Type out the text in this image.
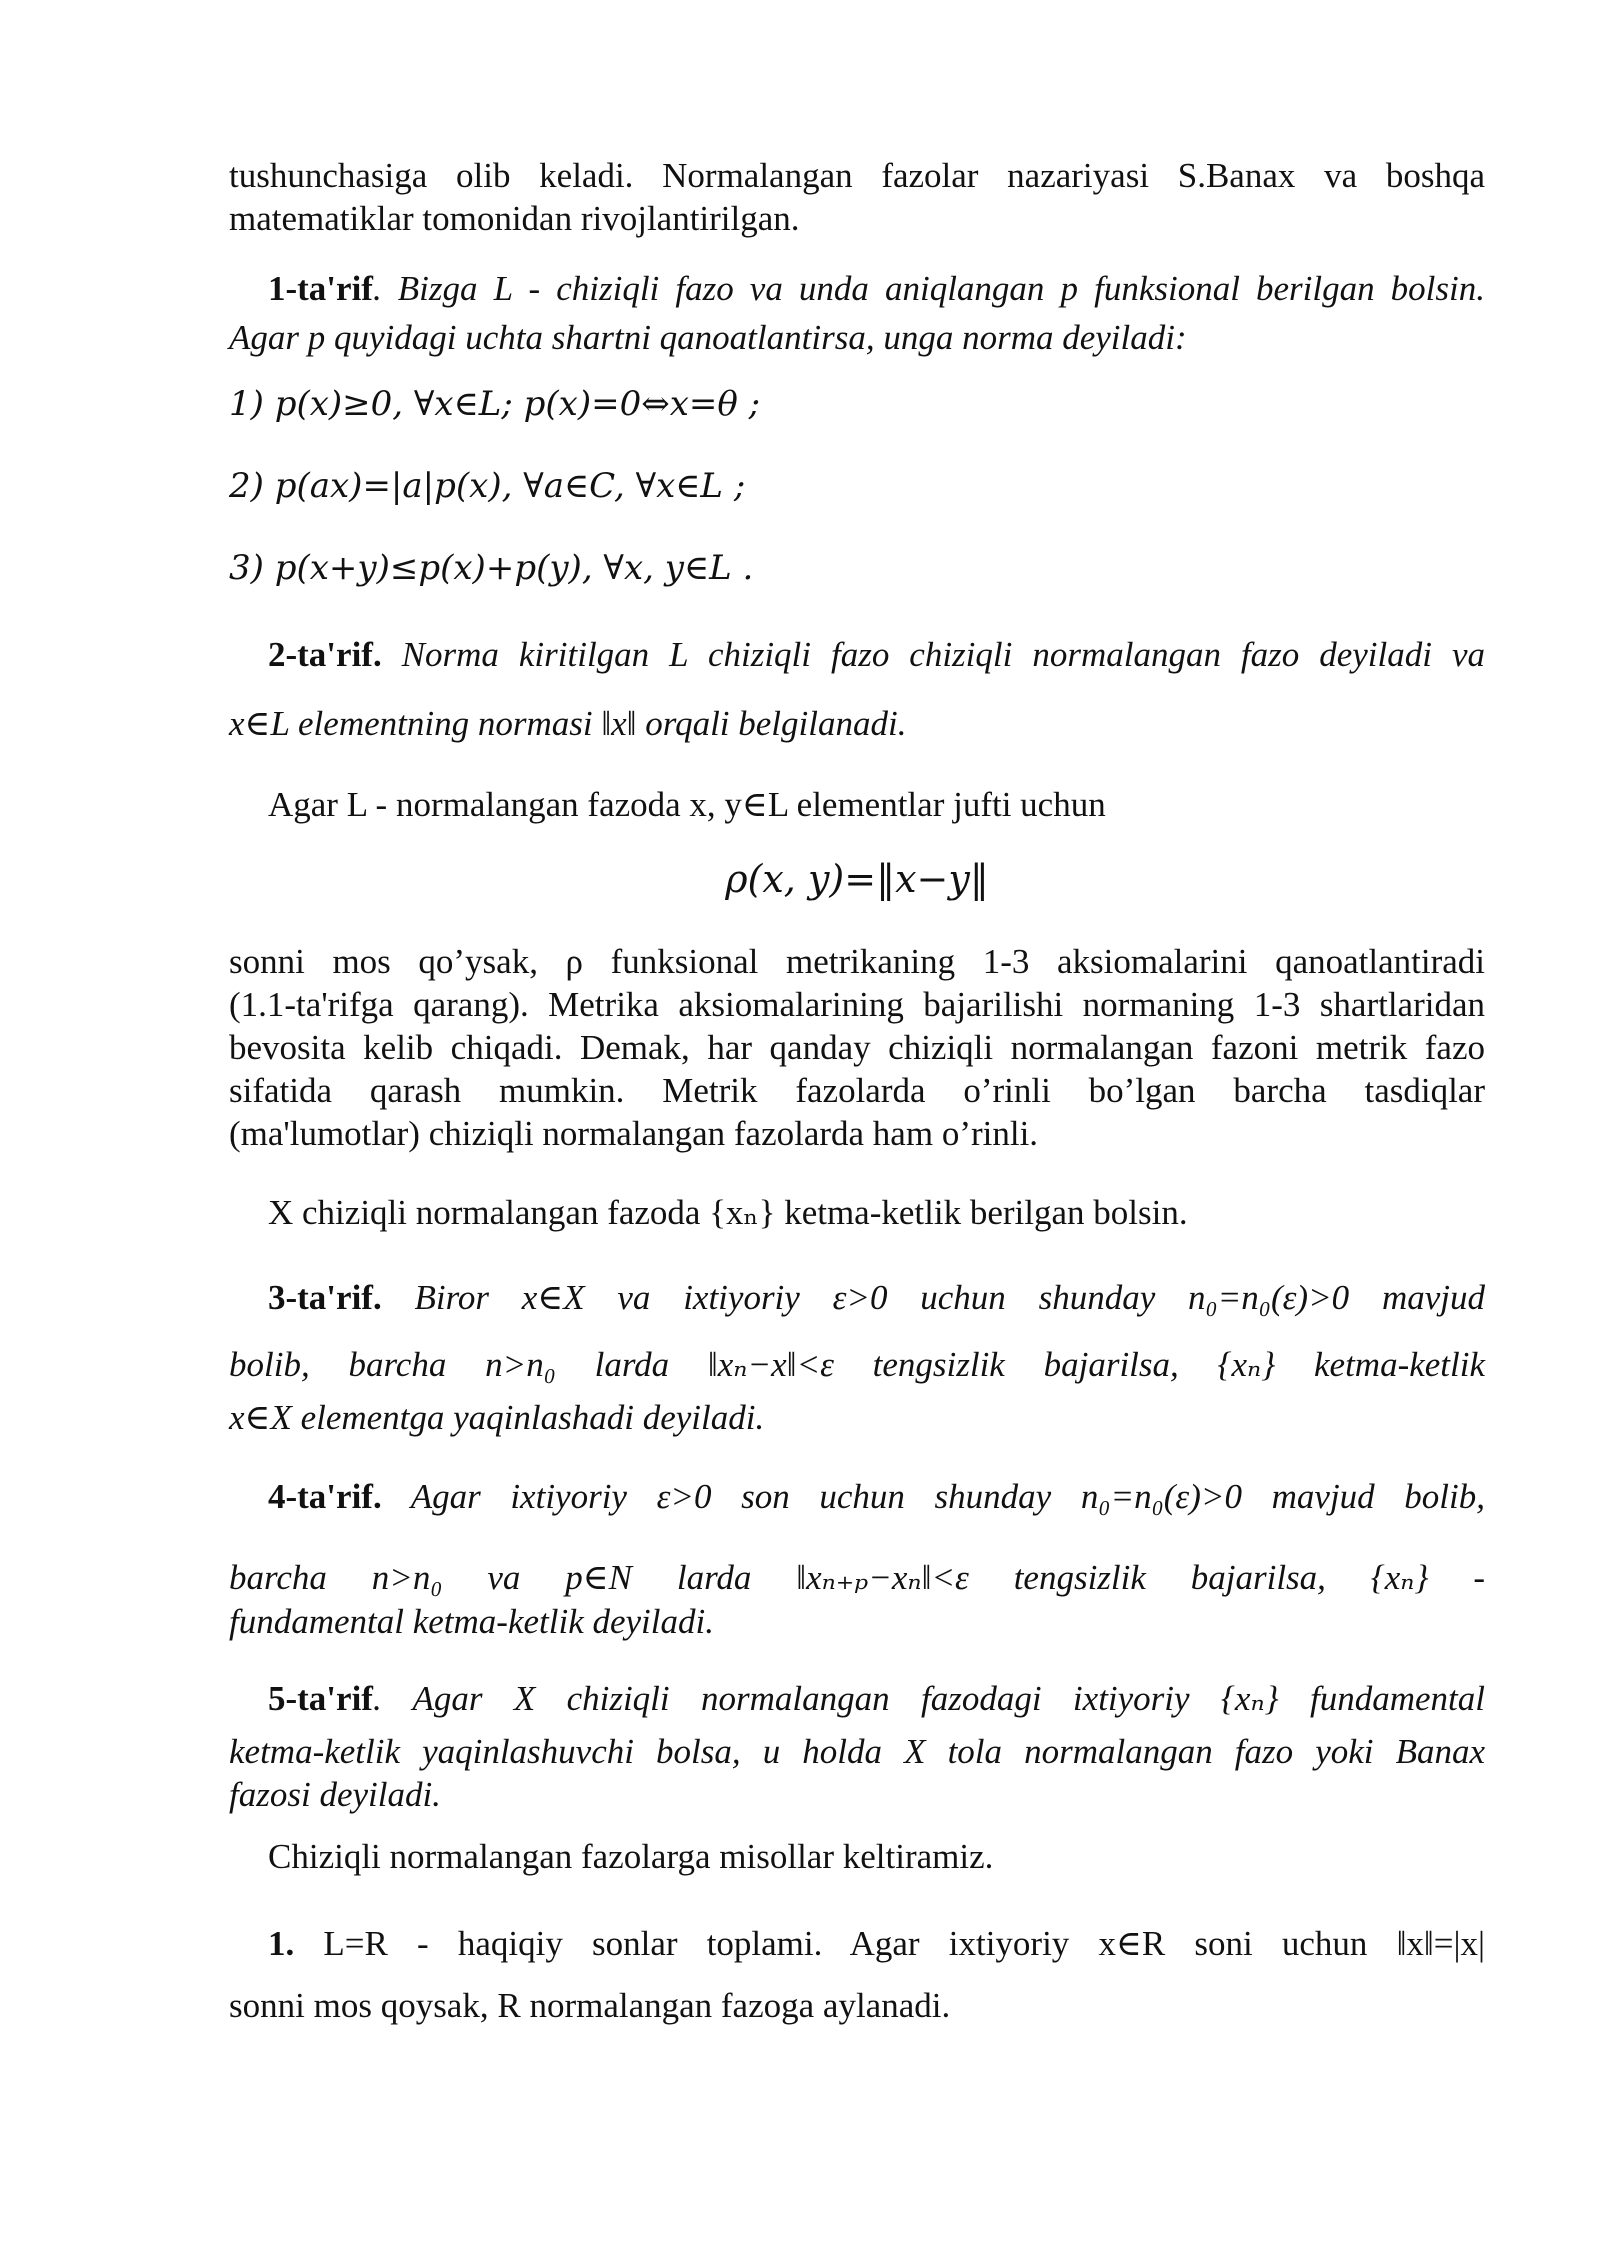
tushunchasiga olib keladi. Normalangan fazolar nazariyasi S.Banax va boshqa
matematiklar tomonidan rivojlantirilgan.
1-ta'rif. Bizga L - chiziqli fazo va unda aniqlangan p funksional berilgan bolsin.
Agar p quyidagi uchta shartni qanoatlantirsa, unga norma deyiladi:
1) p(x)≥0, ∀x∈L; p(x)=0⇔x=θ ;
2) p(ax)=|a|p(x), ∀a∈C, ∀x∈L ;
3) p(x+y)≤p(x)+p(y), ∀x, y∈L .
2-ta'rif. Norma kiritilgan L chiziqli fazo chiziqli normalangan fazo deyiladi va
x∈L elementning normasi ‖x‖ orqali belgilanadi.
Agar L - normalangan fazoda x, y∈L elementlar jufti uchun
ρ(x, y)=‖x−y‖
sonni mos qo’ysak, ρ funksional metrikaning 1-3 aksiomalarini qanoatlantiradi
(1.1-ta'rifga qarang). Metrika aksiomalarining bajarilishi normaning 1-3 shartlaridan
bevosita kelib chiqadi. Demak, har qanday chiziqli normalangan fazoni metrik fazo
sifatida qarash mumkin. Metrik fazolarda o’rinli bo’lgan barcha tasdiqlar
(ma'lumotlar) chiziqli normalangan fazolarda ham o’rinli.
X chiziqli normalangan fazoda {xₙ} ketma-ketlik berilgan bolsin.
3-ta'rif. Biror x∈X va ixtiyoriy ε>0 uchun shunday n₀=n₀(ε)>0 mavjud
bolib, barcha n>n₀ larda ‖xₙ−x‖<ε tengsizlik bajarilsa, {xₙ} ketma-ketlik
x∈X elementga yaqinlashadi deyiladi.
4-ta'rif. Agar ixtiyoriy ε>0 son uchun shunday n₀=n₀(ε)>0 mavjud bolib,
barcha n>n₀ va p∈N larda ‖xₙ₊ₚ−xₙ‖<ε tengsizlik bajarilsa, {xₙ} -
fundamental ketma-ketlik deyiladi.
5-ta'rif. Agar X chiziqli normalangan fazodagi ixtiyoriy {xₙ} fundamental
ketma-ketlik yaqinlashuvchi bolsa, u holda X tola normalangan fazo yoki Banax
fazosi deyiladi.
Chiziqli normalangan fazolarga misollar keltiramiz.
1. L=R - haqiqiy sonlar toplami. Agar ixtiyoriy x∈R soni uchun ‖x‖=|x|
sonni mos qoysak, R normalangan fazoga aylanadi.
